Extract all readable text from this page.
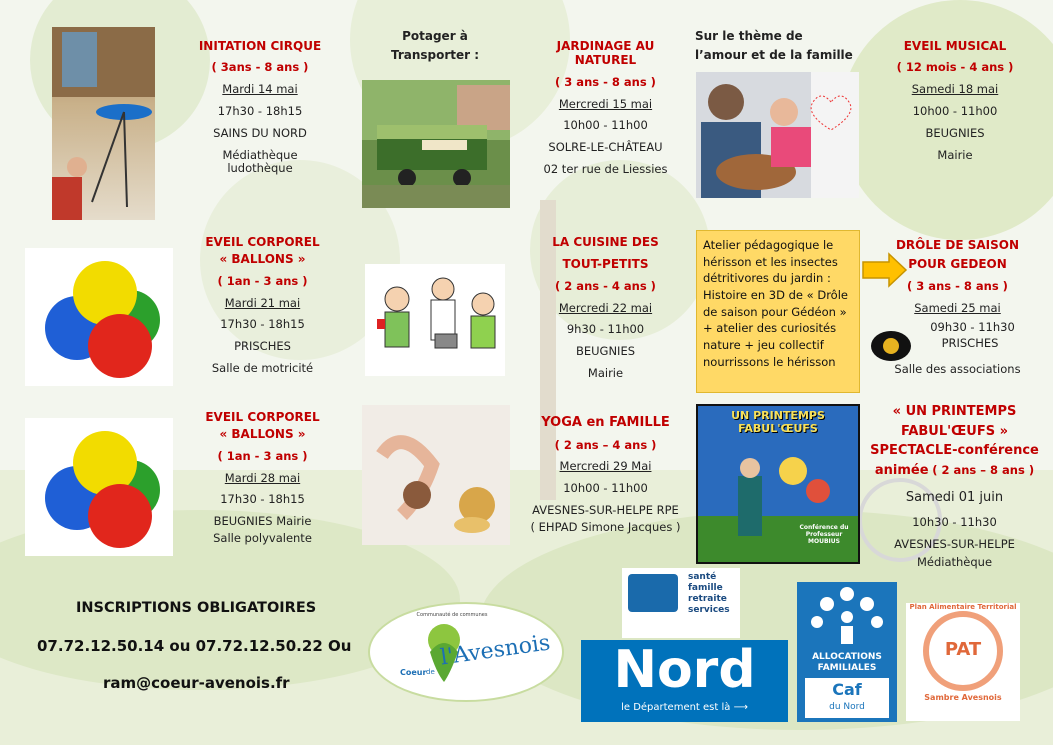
INITATION CIRQUE

( 3ans - 8 ans )

Mardi 14 mai

17h30 - 18h15

SAINS DU NORD

Médiathèque ludothèque

EVEIL CORPOREL

« BALLONS »

( 1an - 3 ans )

Mardi 21 mai

17h30 - 18h15

PRISCHES

Salle de motricité

EVEIL CORPOREL

« BALLONS »

( 1an - 3 ans )

Mardi 28 mai

17h30 - 18h15

BEUGNIES Mairie

Salle polyvalente

Potager à Transporter :

JARDINAGE AU NATUREL

( 3 ans - 8 ans )

Mercredi 15 mai

10h00 - 11h00

SOLRE-LE-CHÂTEAU

02 ter rue de Liessies

LA CUISINE DES

TOUT-PETITS

( 2 ans - 4 ans )

Mercredi 22 mai

9h30 - 11h00

BEUGNIES

Mairie

YOGA en FAMILLE

( 2 ans – 4 ans )

Mercredi 29 Mai

10h00 - 11h00

AVESNES-SUR-HELPE RPE

( EHPAD Simone Jacques )

Sur le thème de l’amour et de la famille
Atelier pédagogique le hérisson et les insectes détritivores du jardin : Histoire en 3D de « Drôle de saison pour Gédéon » + atelier des curiosités nature + jeu collectif nourrissons le hérisson
UN PRINTEMPS FABUL'ŒUFS
Conférence du Professeur MOUBIUS

EVEIL MUSICAL

( 12 mois - 4 ans )

Samedi 18 mai

10h00 - 11h00

BEUGNIES

Mairie

DRÔLE DE SAISON

POUR GEDEON

( 3 ans - 8 ans )

Samedi 25 mai

09h30 - 11h30

PRISCHES

Salle des associations

« UN PRINTEMPS

FABUL'ŒUFS »

SPECTACLE-conférence

animée ( 2 ans – 8 ans )

Samedi 01 juin

10h30 - 11h30

AVESNES-SUR-HELPE

Médiathèque

INSCRIPTIONS OBLIGATOIRES
07.72.12.50.14 ou 07.72.12.50.22 Ou
ram@coeur-avenois.fr
Communauté de communes
Coeur de
l'Avesnois
santé
famille
retraite
services
Nord
le Département est là ⟶
ALLOCATIONS
FAMILIALES
Caf
du Nord
Plan Alimentaire Territorial
PAT
Sambre Avesnois
